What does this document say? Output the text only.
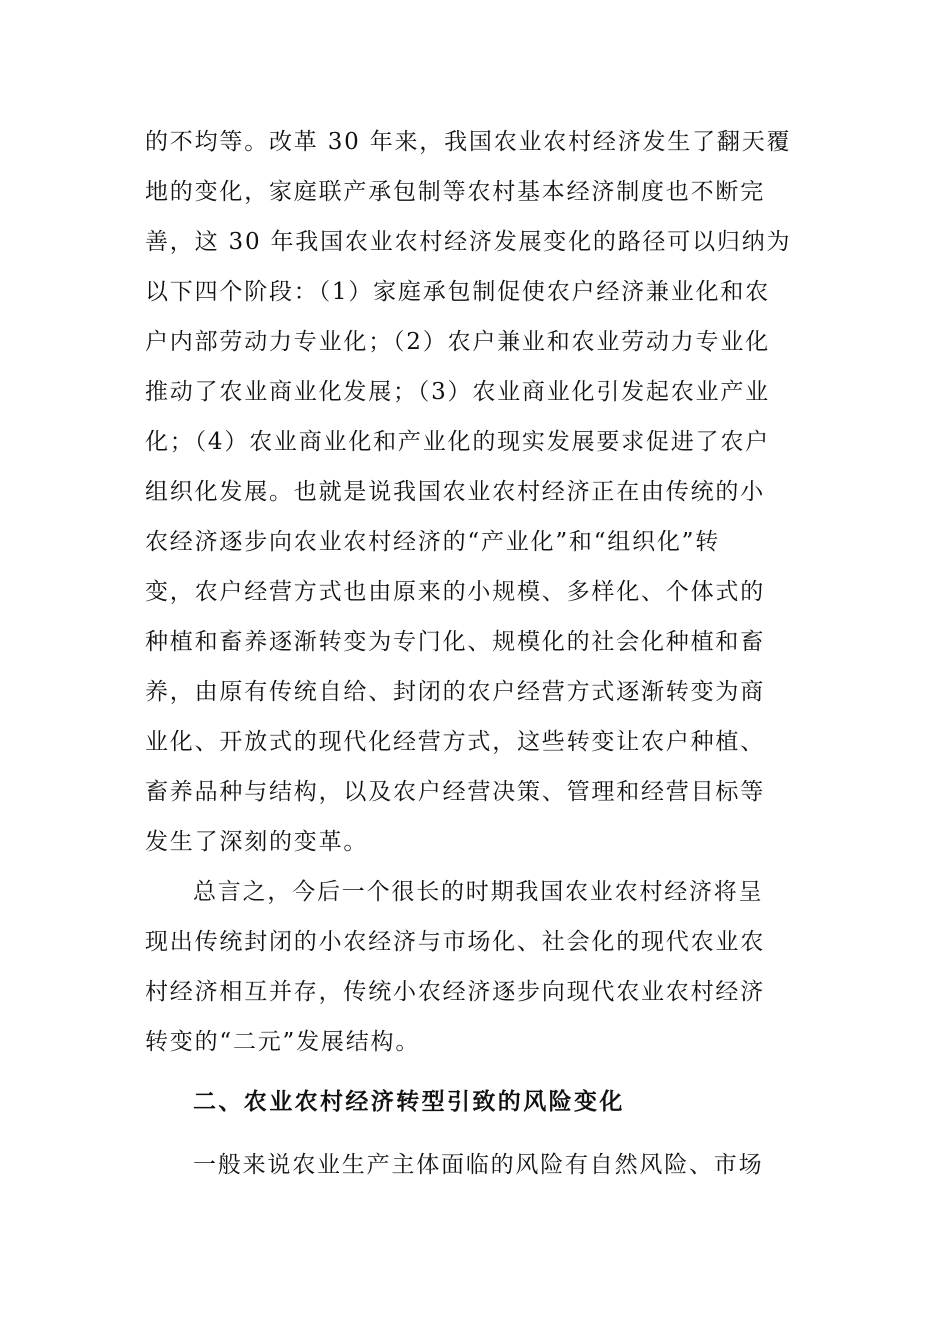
的不均等。改革 30 年来，我国农业农村经济发生了翻天覆
地的变化，家庭联产承包制等农村基本经济制度也不断完
善，这 30 年我国农业农村经济发展变化的路径可以归纳为
以下四个阶段：（1）家庭承包制促使农户经济兼业化和农
户内部劳动力专业化；（2）农户兼业和农业劳动力专业化
推动了农业商业化发展；（3）农业商业化引发起农业产业
化；（4）农业商业化和产业化的现实发展要求促进了农户
组织化发展。也就是说我国农业农村经济正在由传统的小
农经济逐步向农业农村经济的“产业化”和“组织化”转
变，农户经营方式也由原来的小规模、多样化、个体式的
种植和畜养逐渐转变为专门化、规模化的社会化种植和畜
养，由原有传统自给、封闭的农户经营方式逐渐转变为商
业化、开放式的现代化经营方式，这些转变让农户种植、
畜养品种与结构，以及农户经营决策、管理和经营目标等
发生了深刻的变革。
总言之，今后一个很长的时期我国农业农村经济将呈
现出传统封闭的小农经济与市场化、社会化的现代农业农
村经济相互并存，传统小农经济逐步向现代农业农村经济
转变的“二元”发展结构。
二、农业农村经济转型引致的风险变化
一般来说农业生产主体面临的风险有自然风险、市场
